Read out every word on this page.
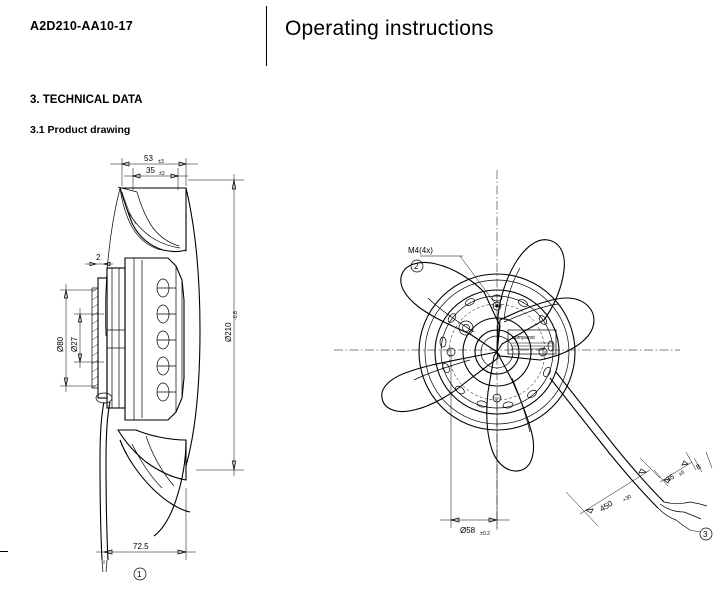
A2D210-AA10-17	Operating instructions
3. TECHNICAL DATA
3.1 Product drawing
53 ±3
35 ±2
2
Ø80 Ø27
Ø210
-0.8
72.5
1
ebmpapst
M4(4x)
2
Ø58 ±0.2
450
+30
35 ±5
8
3
